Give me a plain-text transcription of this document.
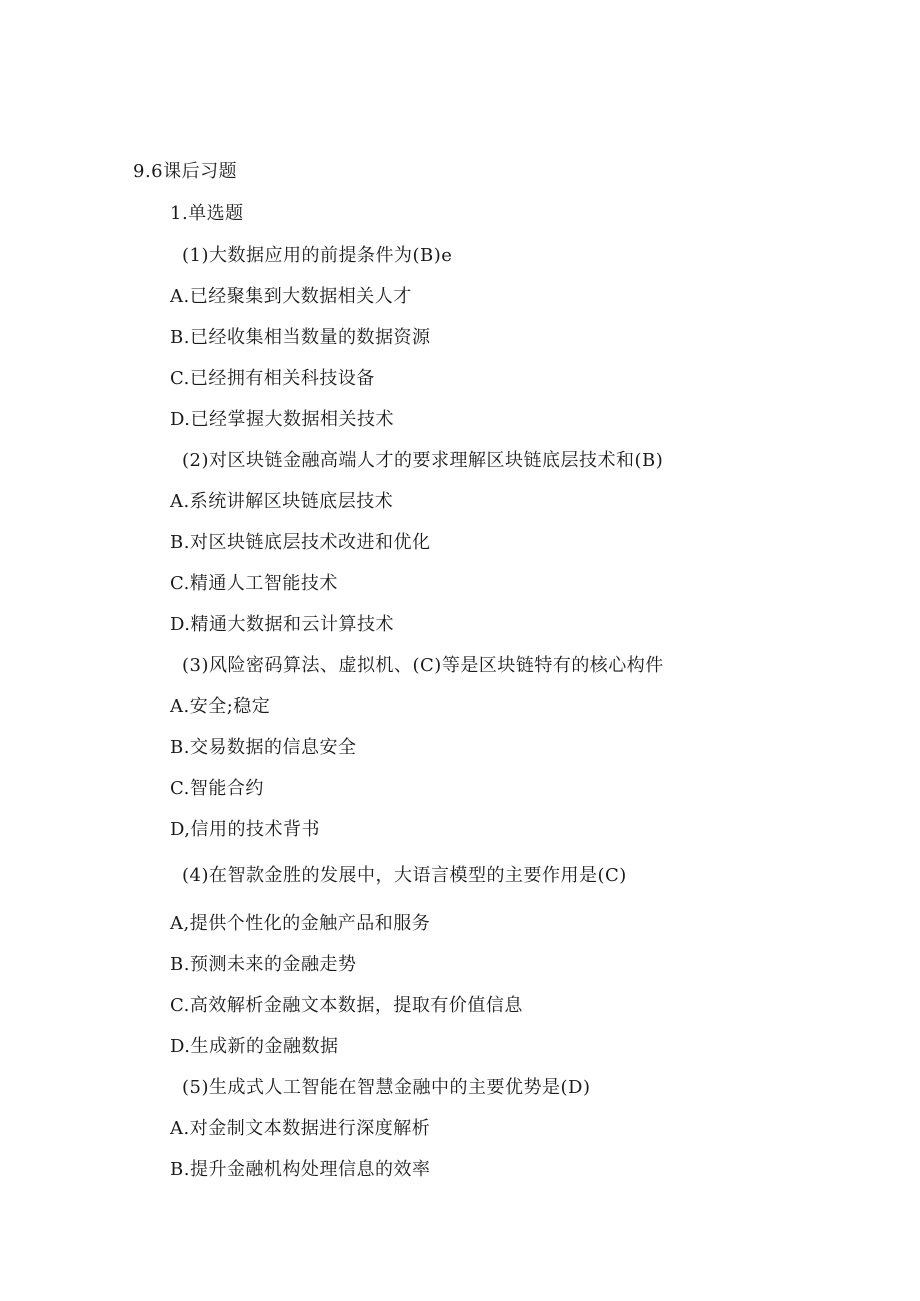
9.6课后习题
1.单选题
(1)大数据应用的前提条件为(B)e
A.已经聚集到大数据相关人才
B.已经收集相当数量的数据资源
C.已经拥有相关科技设备
D.已经掌握大数据相关技术
(2)对区块链金融高端人才的要求理解区块链底层技术和(B)
A.系统讲解区块链底层技术
B.对区块链底层技术改进和优化
C.精通人工智能技术
D.精通大数据和云计算技术
(3)风险密码算法、虚拟机、(C)等是区块链特有的核心构件
A.安全;稳定
B.交易数据的信息安全
C.智能合约
D,信用的技术背书
(4)在智款金胜的发展中，大语言模型的主要作用是(C)
A,提供个性化的金触产品和服务
B.预测未来的金融走势
C.高效解析金融文本数据，提取有价值信息
D.生成新的金融数据
(5)生成式人工智能在智慧金融中的主要优势是(D)
A.对金制文本数据进行深度解析
B.提升金融机构处理信息的效率
